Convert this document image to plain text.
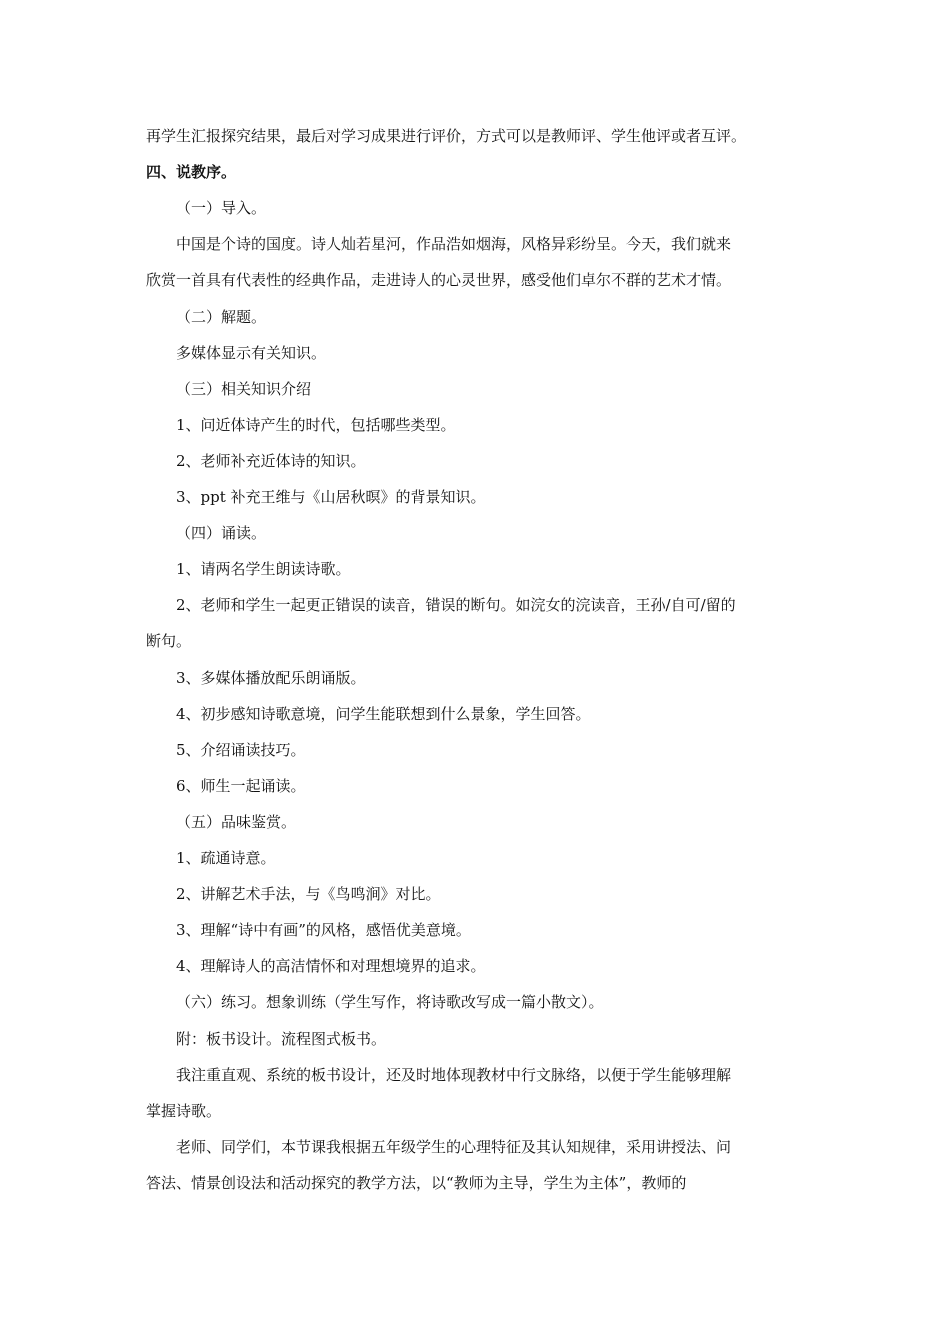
再学生汇报探究结果，最后对学习成果进行评价，方式可以是教师评、学生他评或者互评。
四、说教序。
（一）导入。
中国是个诗的国度。诗人灿若星河，作品浩如烟海，风格异彩纷呈。今天，我们就来
欣赏一首具有代表性的经典作品，走进诗人的心灵世界，感受他们卓尔不群的艺术才情。
（二）解题。
多媒体显示有关知识。
（三）相关知识介绍
1、问近体诗产生的时代，包括哪些类型。
2、老师补充近体诗的知识。
3、ppt 补充王维与《山居秋暝》的背景知识。
（四）诵读。
1、请两名学生朗读诗歌。
2、老师和学生一起更正错误的读音，错误的断句。如浣女的浣读音，王孙/自可/留的
断句。
3、多媒体播放配乐朗诵版。
4、初步感知诗歌意境，问学生能联想到什么景象，学生回答。
5、介绍诵读技巧。
6、师生一起诵读。
（五）品味鉴赏。
1、疏通诗意。
2、讲解艺术手法，与《鸟鸣涧》对比。
3、理解“诗中有画”的风格，感悟优美意境。
4、理解诗人的高洁情怀和对理想境界的追求。
（六）练习。想象训练（学生写作，将诗歌改写成一篇小散文）。
附：板书设计。流程图式板书。
我注重直观、系统的板书设计，还及时地体现教材中行文脉络，以便于学生能够理解
掌握诗歌。
老师、同学们，本节课我根据五年级学生的心理特征及其认知规律，采用讲授法、问
答法、情景创设法和活动探究的教学方法，以“教师为主导，学生为主体”，教师的
